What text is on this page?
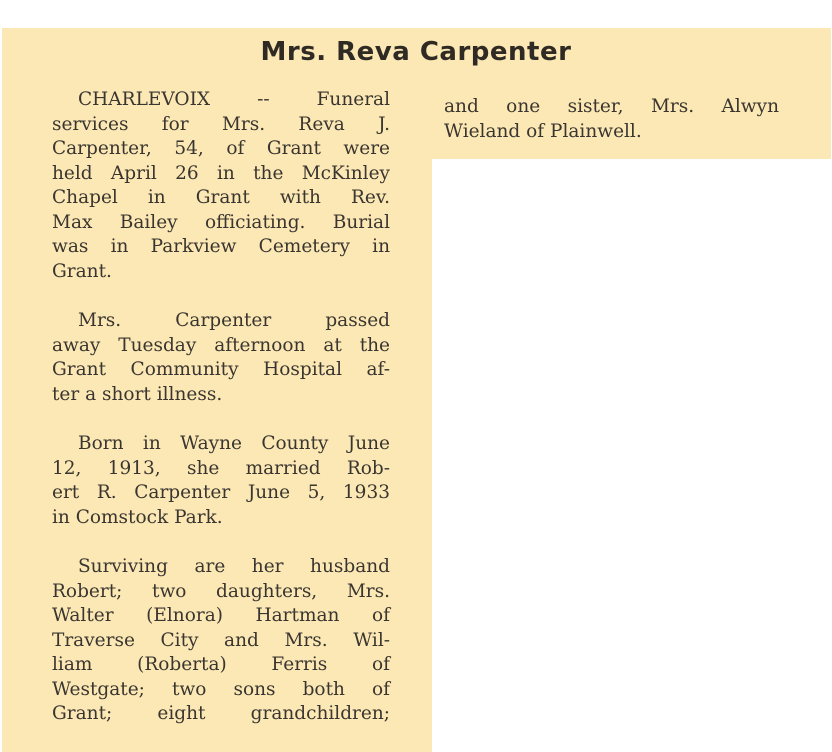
Mrs. Reva Carpenter

CHARLEVOIX -- Funeral
services for Mrs. Reva J.
Carpenter, 54, of Grant were
held April 26 in the McKinley
Chapel in Grant with Rev.
Max Bailey officiating. Burial
was in Parkview Cemetery in
Grant.

Mrs. Carpenter passed
away Tuesday afternoon at the
Grant Community Hospital af-
ter a short illness.

Born in Wayne County June
12, 1913, she married Rob-
ert R. Carpenter June 5, 1933
in Comstock Park.

Surviving are her husband
Robert; two daughters, Mrs.
Walter (Elnora) Hartman of
Traverse City and Mrs. Wil-
liam (Roberta) Ferris of
Westgate; two sons both of
Grant; eight grandchildren;

and one sister, Mrs. Alwyn
Wieland of Plainwell.
